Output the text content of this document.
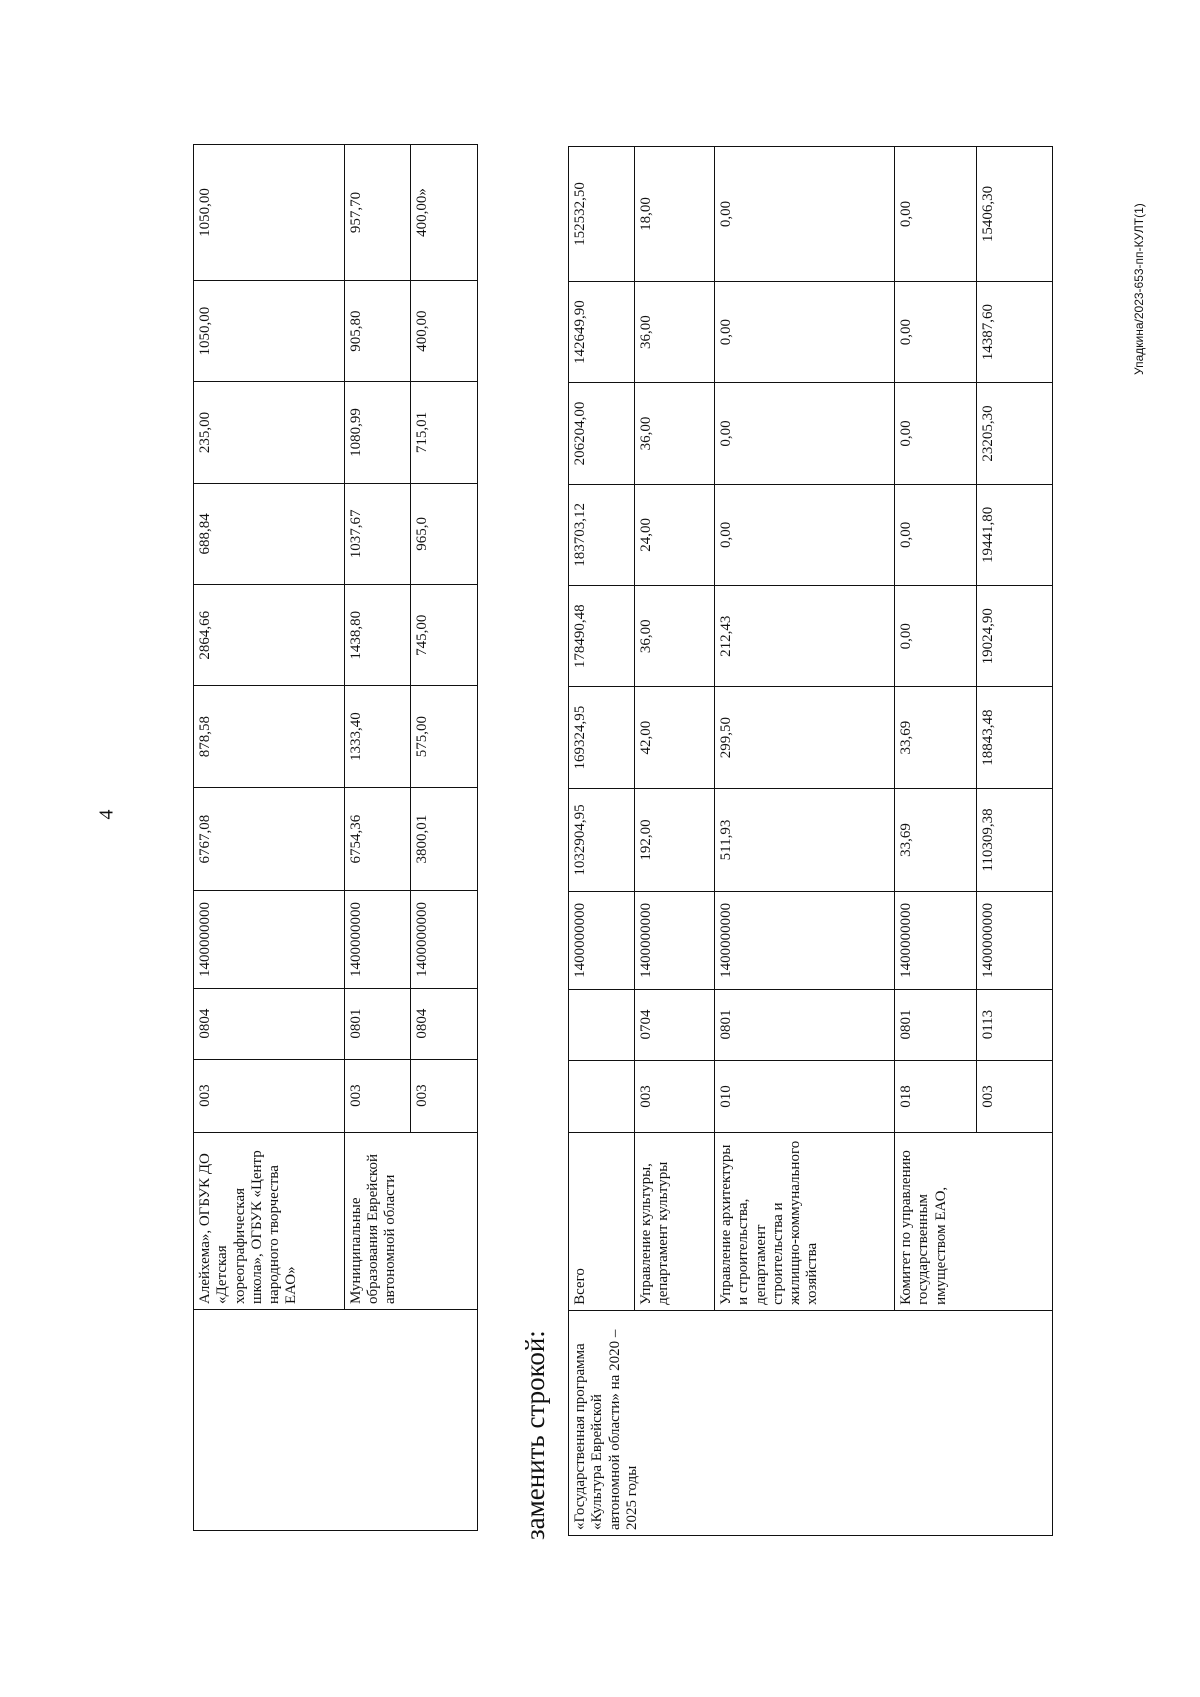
4
	Алейхема», ОГБУК ДО «Детская хореографическая школа», ОГБУК «Центр народного творчества ЕАО»	003	0804	1400000000	6767,08	878,58	2864,66	688,84	235,00	1050,00	1050,00
	Муниципальные образования Еврейской автономной области	003	0801	1400000000	6754,36	1333,40	1438,80	1037,67	1080,99	905,80	957,70
		003	0804	1400000000	3800,01	575,00	745,00	965,0	715,01	400,00	400,00»
заменить строкой: «Государственная программа «Культура Еврейской автономной области» на 2020 – 2025 годы	Всего			1400000000	1032904,95	169324,95	178490,48	183703,12	206204,00	142649,90	152532,50
	Управление культуры, департамент культуры	003	0704	1400000000	192,00	42,00	36,00	24,00	36,00	36,00	18,00
	Управление архитектуры и строительства, департамент строительства и жилищно-коммунального хозяйства	010	0801	1400000000	511,93	299,50	212,43	0,00	0,00	0,00	0,00
	Комитет по управлению государственным имуществом ЕАО,	018	0801	1400000000	33,69	33,69	0,00	0,00	0,00	0,00	0,00
		003	0113	1400000000	110309,38	18843,48	19024,90	19441,80	23205,30	14387,60	15406,30	Упадкина/2023-653-пп-КУЛТ(1)
